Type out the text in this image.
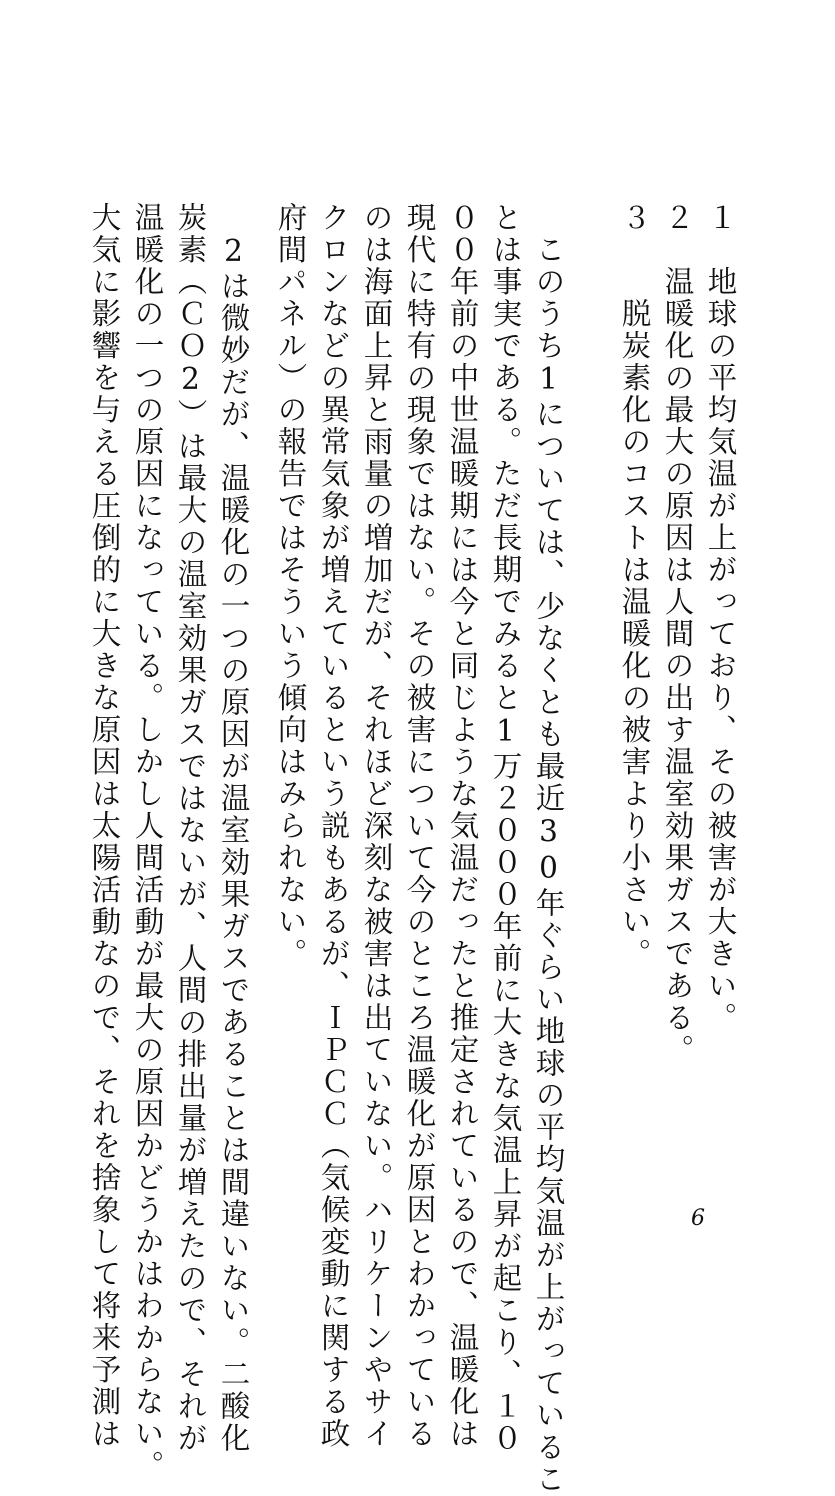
１　地球の平均気温が上がっており、その被害が大きい。
２　温暖化の最大の原因は人間の出す温室効果ガスである。
３　　脱炭素化のコストは温暖化の被害より小さい。
　このうち1については、少なくとも最近30年ぐらい地球の平均気温が上がっているこ
とは事実である。ただ長期でみると1万２０００年前に大きな気温上昇が起こり、１０
００年前の中世温暖期には今と同じような気温だったと推定されているので、温暖化は
現代に特有の現象ではない。その被害について今のところ温暖化が原因とわかっている
のは海面上昇と雨量の増加だが、それほど深刻な被害は出ていない。ハリケーンやサイ
クロンなどの異常気象が増えているという説もあるが、ＩＰＣＣ（気候変動に関する政
府間パネル）の報告ではそういう傾向はみられない。
　2は微妙だが、温暖化の一つの原因が温室効果ガスであることは間違いない。二酸化
炭素（ＣＯ2）は最大の温室効果ガスではないが、人間の排出量が増えたので、それが
温暖化の一つの原因になっている。しかし人間活動が最大の原因かどうかはわからない。
大気に影響を与える圧倒的に大きな原因は太陽活動なので、それを捨象して将来予測は	6
